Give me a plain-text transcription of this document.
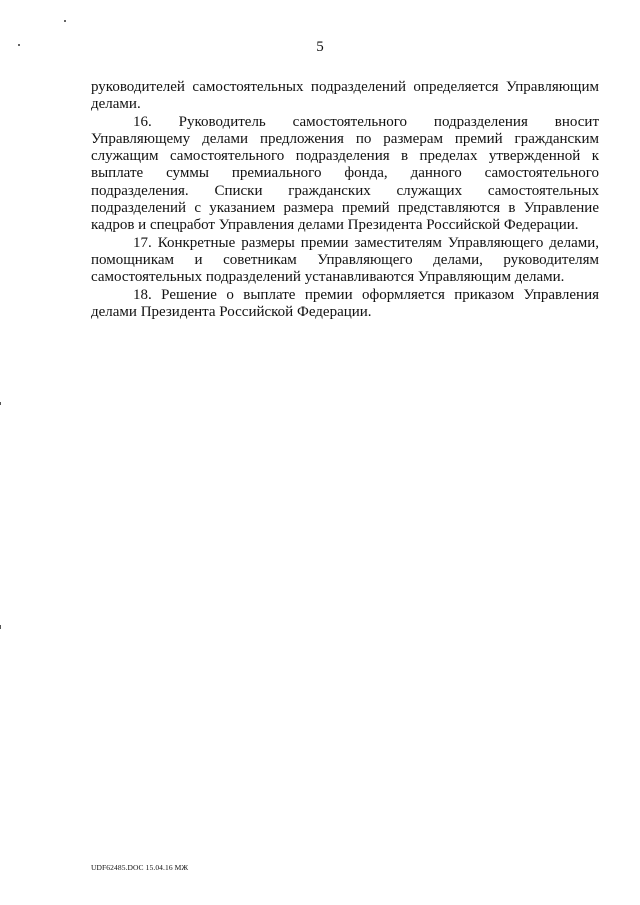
5

руководителей самостоятельных подразделений определяется Управляющим делами.

16. Руководитель самостоятельного подразделения вносит Управляющему делами предложения по размерам премий гражданским служащим самостоятельного подразделения в пределах утвержденной к выплате суммы премиального фонда, данного самостоятельного подразделения. Списки гражданских служащих самостоятельных подразделений с указанием размера премий представляются в Управление кадров и спецработ Управления делами Президента Российской Федерации.

17. Конкретные размеры премии заместителям Управляющего делами, помощникам и советникам Управляющего делами, руководителям самостоятельных подразделений устанавливаются Управляющим делами.

18. Решение о выплате премии оформляется приказом Управления делами Президента Российской Федерации.

UDF62485.DOC 15.04.16 МЖ
